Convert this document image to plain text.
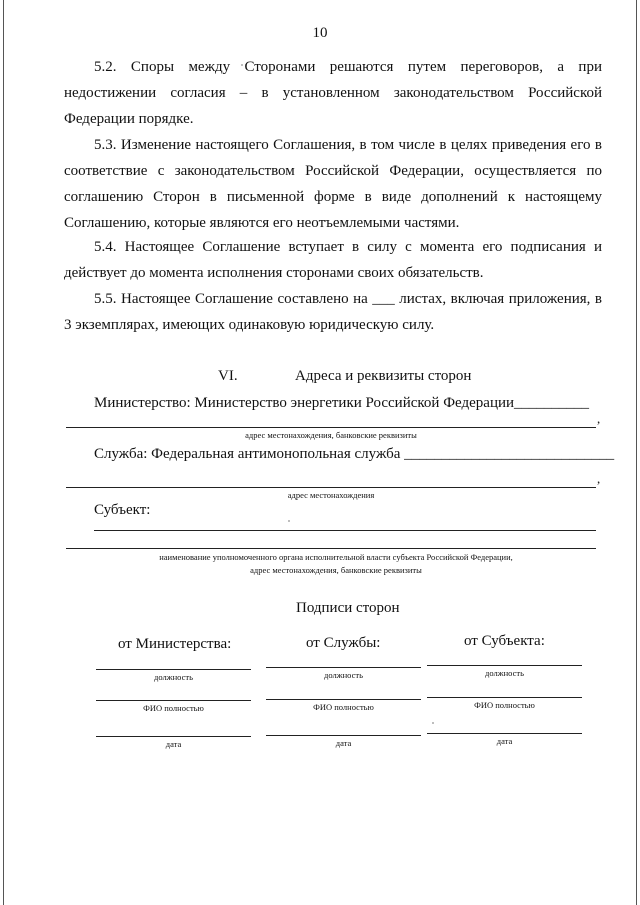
10

5.2. Споры между Сторонами решаются путем переговоров, а при недостижении согласия – в установленном законодательством Российской Федерации порядке.

5.3. Изменение настоящего Соглашения, в том числе в целях приведения его в соответствие с законодательством Российской Федерации, осуществляется по соглашению Сторон в письменной форме в виде дополнений к настоящему Соглашению, которые являются его неотъемлемыми частями.

5.4. Настоящее Соглашение вступает в силу с момента его подписания и действует до момента исполнения сторонами своих обязательств.

5.5. Настоящее Соглашение составлено на ___ листах, включая приложения, в 3 экземплярах, имеющих одинаковую юридическую силу.

VI.	Адреса и реквизиты сторон
Министерство: Министерство энергетики Российской Федерации__________
,
адрес местонахождения, банковские реквизиты
Служба: Федеральная антимонопольная служба ____________________________
,
адрес местонахождения
Субъект:
наименование уполномоченного органа исполнительной власти субъекта Российской Федерации,
адрес местонахождения, банковские реквизиты
Подписи сторон
от Министерства:
должность
ФИО полностью
дата
от Службы:
должность
ФИО полностью
дата
от Субъекта:
должность
ФИО полностью
дата
